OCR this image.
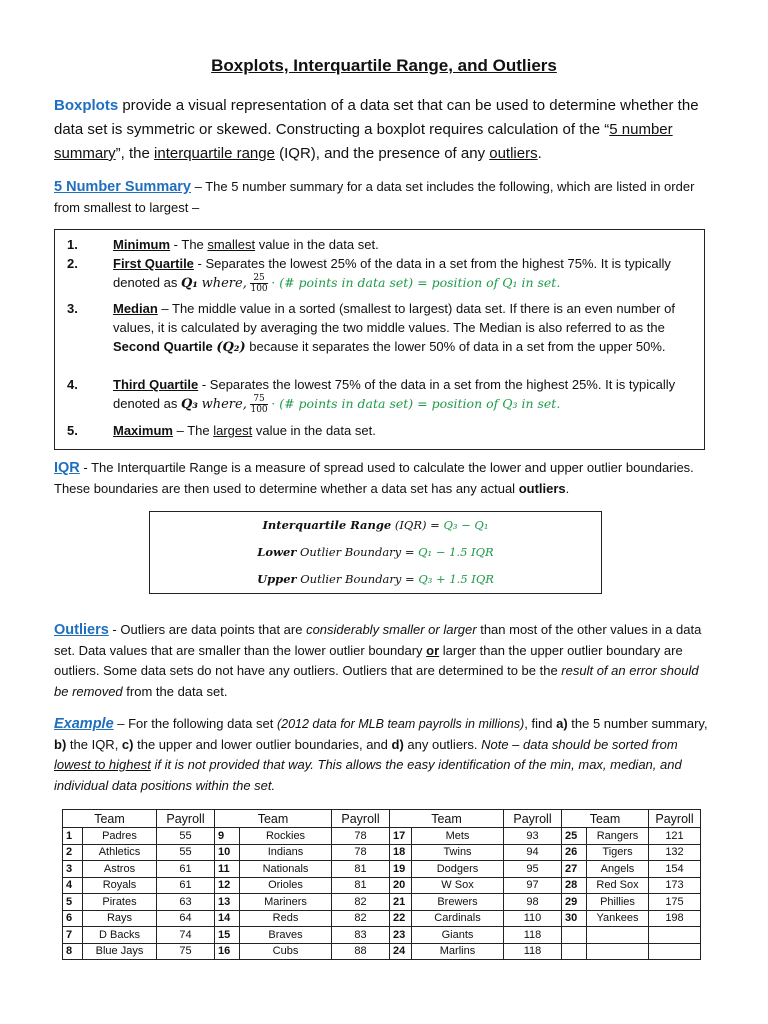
Boxplots, Interquartile Range, and Outliers
Boxplots provide a visual representation of a data set that can be used to determine whether the data set is symmetric or skewed. Constructing a boxplot requires calculation of the “5 number summary”, the interquartile range (IQR), and the presence of any outliers.
5 Number Summary – The 5 number summary for a data set includes the following, which are listed in order from smallest to largest –
1.	Minimum - The smallest value in the data set.
2.	First Quartile - Separates the lowest 25% of the data in a set from the highest 75%. It is typically denoted as Q₁ where, $\frac{25}{100}$ · (# points in data set) = position of Q₁ in set.
3.	Median – The middle value in a sorted (smallest to largest) data set. If there is an even number of values, it is calculated by averaging the two middle values. The Median is also referred to as the Second Quartile (Q₂) because it separates the lower 50% of data in a set from the upper 50%.
4.	Third Quartile - Separates the lowest 75% of the data in a set from the highest 25%. It is typically denoted as Q₃ where, $\frac{75}{100}$ · (# points in data set) = position of Q₃ in set.
5.	Maximum – The largest value in the data set.
IQR - The Interquartile Range is a measure of spread used to calculate the lower and upper outlier boundaries. These boundaries are then used to determine whether a data set has any actual outliers.
Interquartile Range (IQR) = Q₃ − Q₁
Lower Outlier Boundary = Q₁ − 1.5 IQR
Upper Outlier Boundary = Q₃ + 1.5 IQR
Outliers - Outliers are data points that are considerably smaller or larger than most of the other values in a data set. Data values that are smaller than the lower outlier boundary or larger than the upper outlier boundary are outliers. Some data sets do not have any outliers. Outliers that are determined to be the result of an error should be removed from the data set.
Example – For the following data set (2012 data for MLB team payrolls in millions), find a) the 5 number summary, b) the IQR, c) the upper and lower outlier boundaries, and d) any outliers. Note – data should be sorted from lowest to highest if it is not provided that way. This allows the easy identification of the min, max, median, and individual data positions within the set.
Team		Payroll	Team		Payroll	Team		Payroll	Team		Payroll
1	Padres	55	9	Rockies	78	17	Mets	93	25	Rangers	121
2	Athletics	55	10	Indians	78	18	Twins	94	26	Tigers	132
3	Astros	61	11	Nationals	81	19	Dodgers	95	27	Angels	154
4	Royals	61	12	Orioles	81	20	W Sox	97	28	Red Sox	173
5	Pirates	63	13	Mariners	82	21	Brewers	98	29	Phillies	175
6	Rays	64	14	Reds	82	22	Cardinals	110	30	Yankees	198
7	D Backs	74	15	Braves	83	23	Giants	118			
8	Blue Jays	75	16	Cubs	88	24	Marlins	118			
